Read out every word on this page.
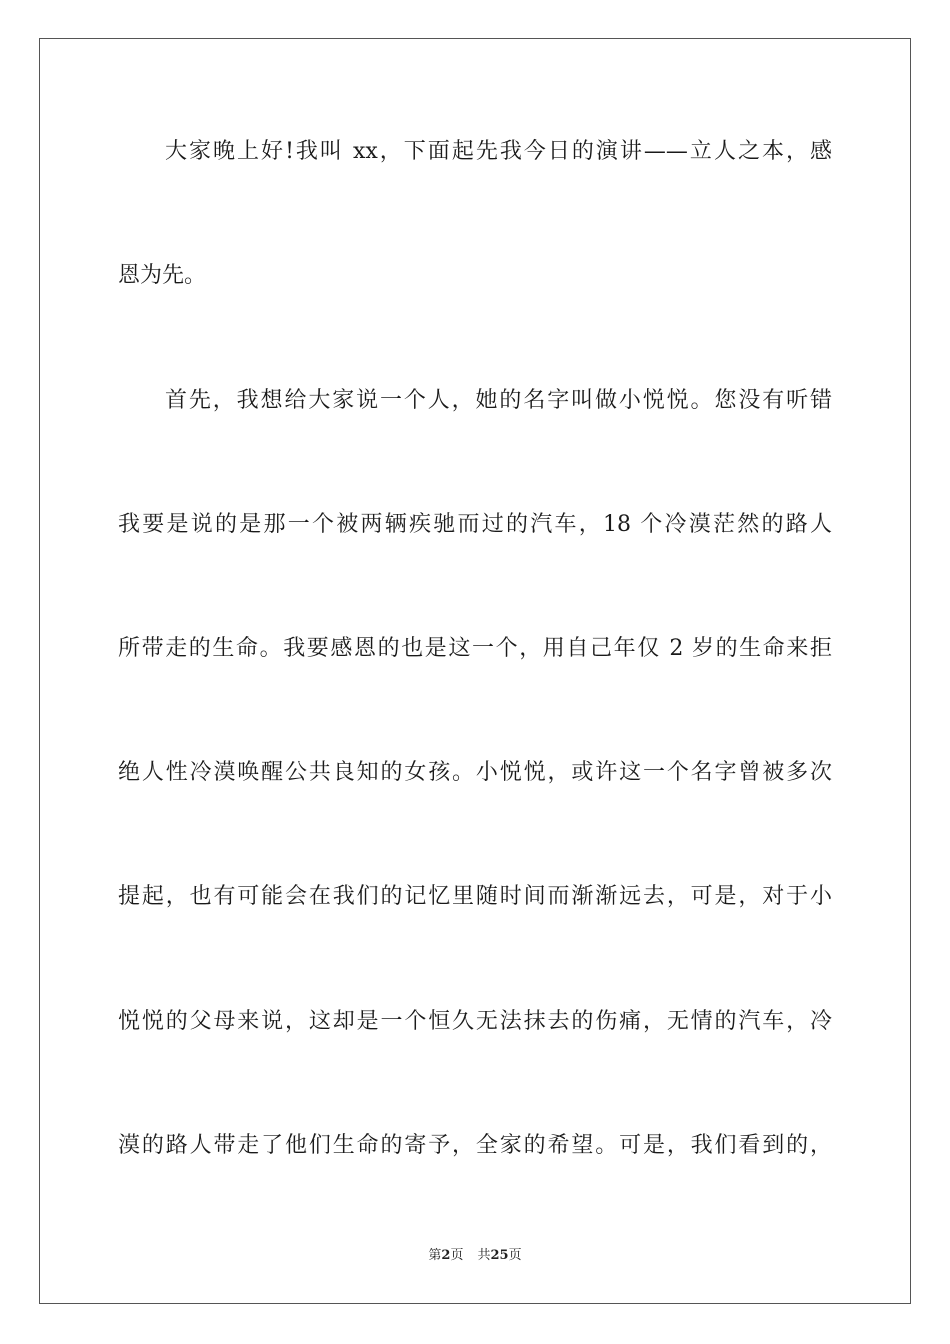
大家晚上好!我叫 xx，下面起先我今日的演讲——立人之本，感
恩为先。
首先，我想给大家说一个人，她的名字叫做小悦悦。您没有听错
我要是说的是那一个被两辆疾驰而过的汽车，18 个冷漠茫然的路人
所带走的生命。我要感恩的也是这一个，用自己年仅 2 岁的生命来拒
绝人性冷漠唤醒公共良知的女孩。小悦悦，或许这一个名字曾被多次
提起，也有可能会在我们的记忆里随时间而渐渐远去，可是，对于小
悦悦的父母来说，这却是一个恒久无法抹去的伤痛，无情的汽车，冷
漠的路人带走了他们生命的寄予，全家的希望。可是，我们看到的，
第2页 共25页
